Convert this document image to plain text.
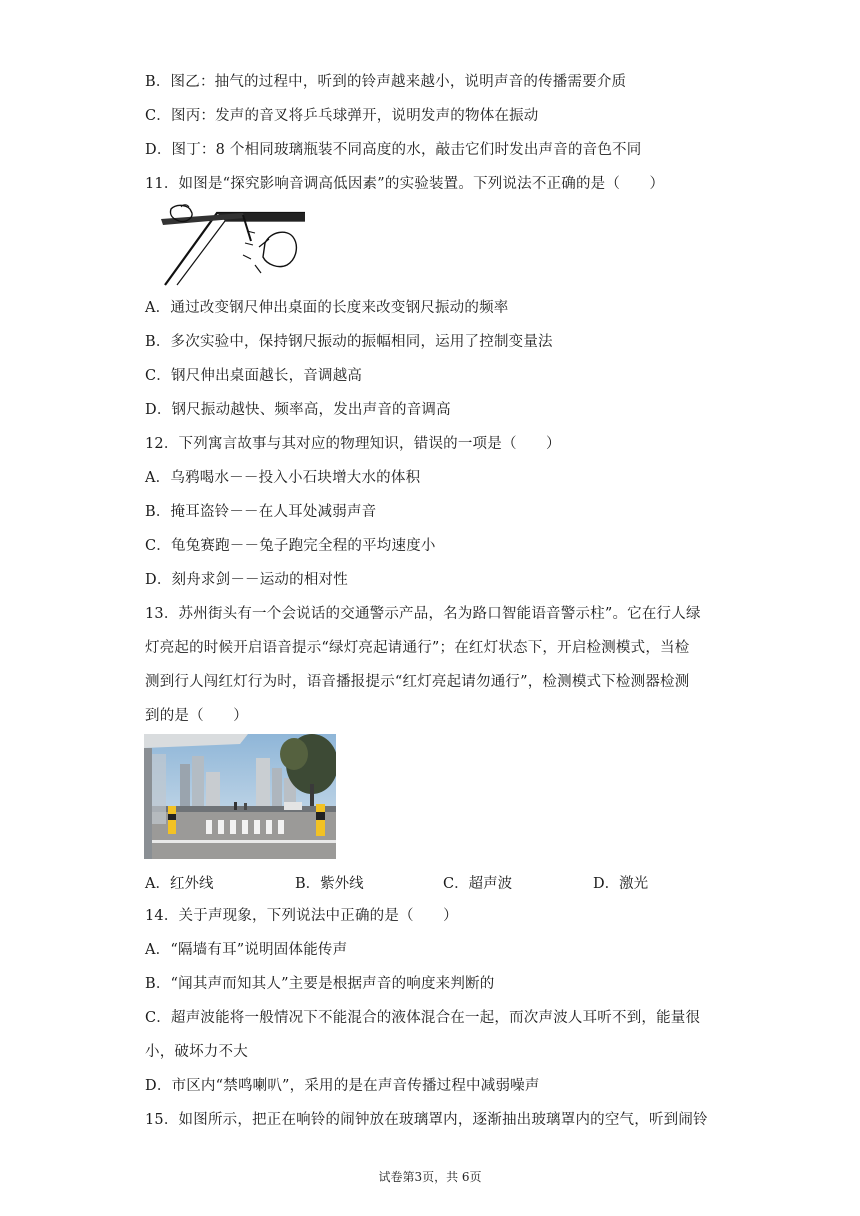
B．图乙：抽气的过程中，听到的铃声越来越小，说明声音的传播需要介质
C．图丙：发声的音叉将乒乓球弹开，说明发声的物体在振动
D．图丁：8 个相同玻璃瓶装不同高度的水，敲击它们时发出声音的音色不同
11．如图是“探究影响音调高低因素”的实验装置。下列说法不正确的是（　　）
A．通过改变钢尺伸出桌面的长度来改变钢尺振动的频率
B．多次实验中，保持钢尺振动的振幅相同，运用了控制变量法
C．钢尺伸出桌面越长，音调越高
D．钢尺振动越快、频率高，发出声音的音调高
12．下列寓言故事与其对应的物理知识，错误的一项是（　　）
A．乌鸦喝水－－投入小石块增大水的体积
B．掩耳盗铃－－在人耳处减弱声音
C．龟兔赛跑－－兔子跑完全程的平均速度小
D．刻舟求剑－－运动的相对性
13．苏州街头有一个会说话的交通警示产品，名为路口智能语音警示柱”。它在行人绿
灯亮起的时候开启语音提示“绿灯亮起请通行”；在红灯状态下，开启检测模式，当检
测到行人闯红灯行为时，语音播报提示“红灯亮起请勿通行”，检测模式下检测器检测
到的是（　　）
A．红外线	B．紫外线	C．超声波	D．激光
14．关于声现象，下列说法中正确的是（　　）
A．“隔墙有耳”说明固体能传声
B．“闻其声而知其人”主要是根据声音的响度来判断的
C．超声波能将一般情况下不能混合的液体混合在一起，而次声波人耳听不到，能量很
小，破坏力不大
D．市区内“禁鸣喇叭”，采用的是在声音传播过程中减弱噪声
15．如图所示，把正在响铃的闹钟放在玻璃罩内，逐渐抽出玻璃罩内的空气，听到闹铃
试卷第3页，共 6页
